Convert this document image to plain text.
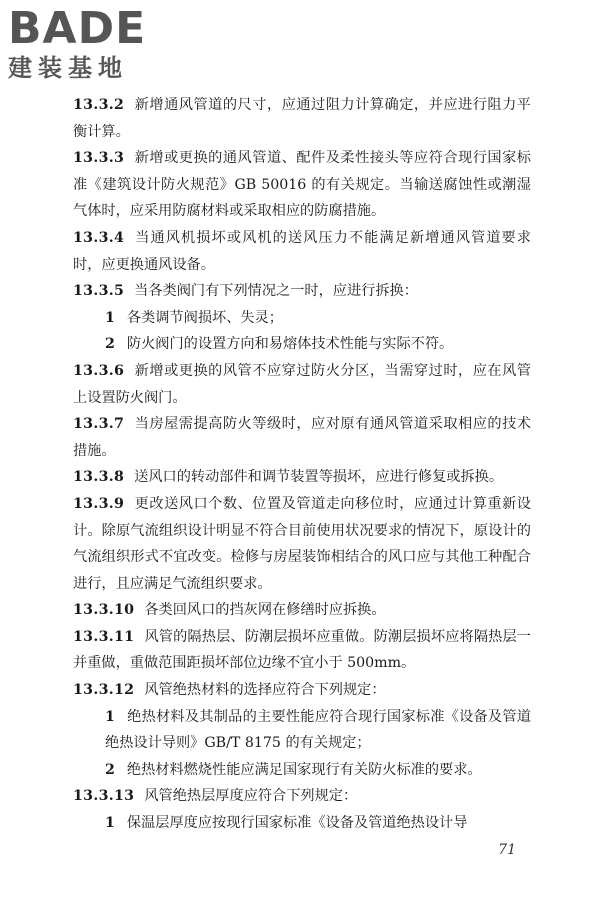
BADE
建装基地

13.3.2 新增通风管道的尺寸，应通过阻力计算确定，并应进行阻力平衡计算。

13.3.3 新增或更换的通风管道、配件及柔性接头等应符合现行国家标准《建筑设计防火规范》GB 50016 的有关规定。当输送腐蚀性或潮湿气体时，应采用防腐材料或采取相应的防腐措施。

13.3.4 当通风机损坏或风机的送风压力不能满足新增通风管道要求时，应更换通风设备。

13.3.5 当各类阀门有下列情况之一时，应进行拆换：

1 各类调节阀损坏、失灵；

2 防火阀门的设置方向和易熔体技术性能与实际不符。

13.3.6 新增或更换的风管不应穿过防火分区，当需穿过时，应在风管上设置防火阀门。

13.3.7 当房屋需提高防火等级时，应对原有通风管道采取相应的技术措施。

13.3.8 送风口的转动部件和调节装置等损坏，应进行修复或拆换。

13.3.9 更改送风口个数、位置及管道走向移位时，应通过计算重新设计。除原气流组织设计明显不符合目前使用状况要求的情况下，原设计的气流组织形式不宜改变。检修与房屋装饰相结合的风口应与其他工种配合进行，且应满足气流组织要求。

13.3.10 各类回风口的挡灰网在修缮时应拆换。

13.3.11 风管的隔热层、防潮层损坏应重做。防潮层损坏应将隔热层一并重做，重做范围距损坏部位边缘不宜小于 500mm。

13.3.12 风管绝热材料的选择应符合下列规定：

1 绝热材料及其制品的主要性能应符合现行国家标准《设备及管道绝热设计导则》GB/T 8175 的有关规定；

2 绝热材料燃烧性能应满足国家现行有关防火标准的要求。

13.3.13 风管绝热层厚度应符合下列规定：

1 保温层厚度应按现行国家标准《设备及管道绝热设计导

71
